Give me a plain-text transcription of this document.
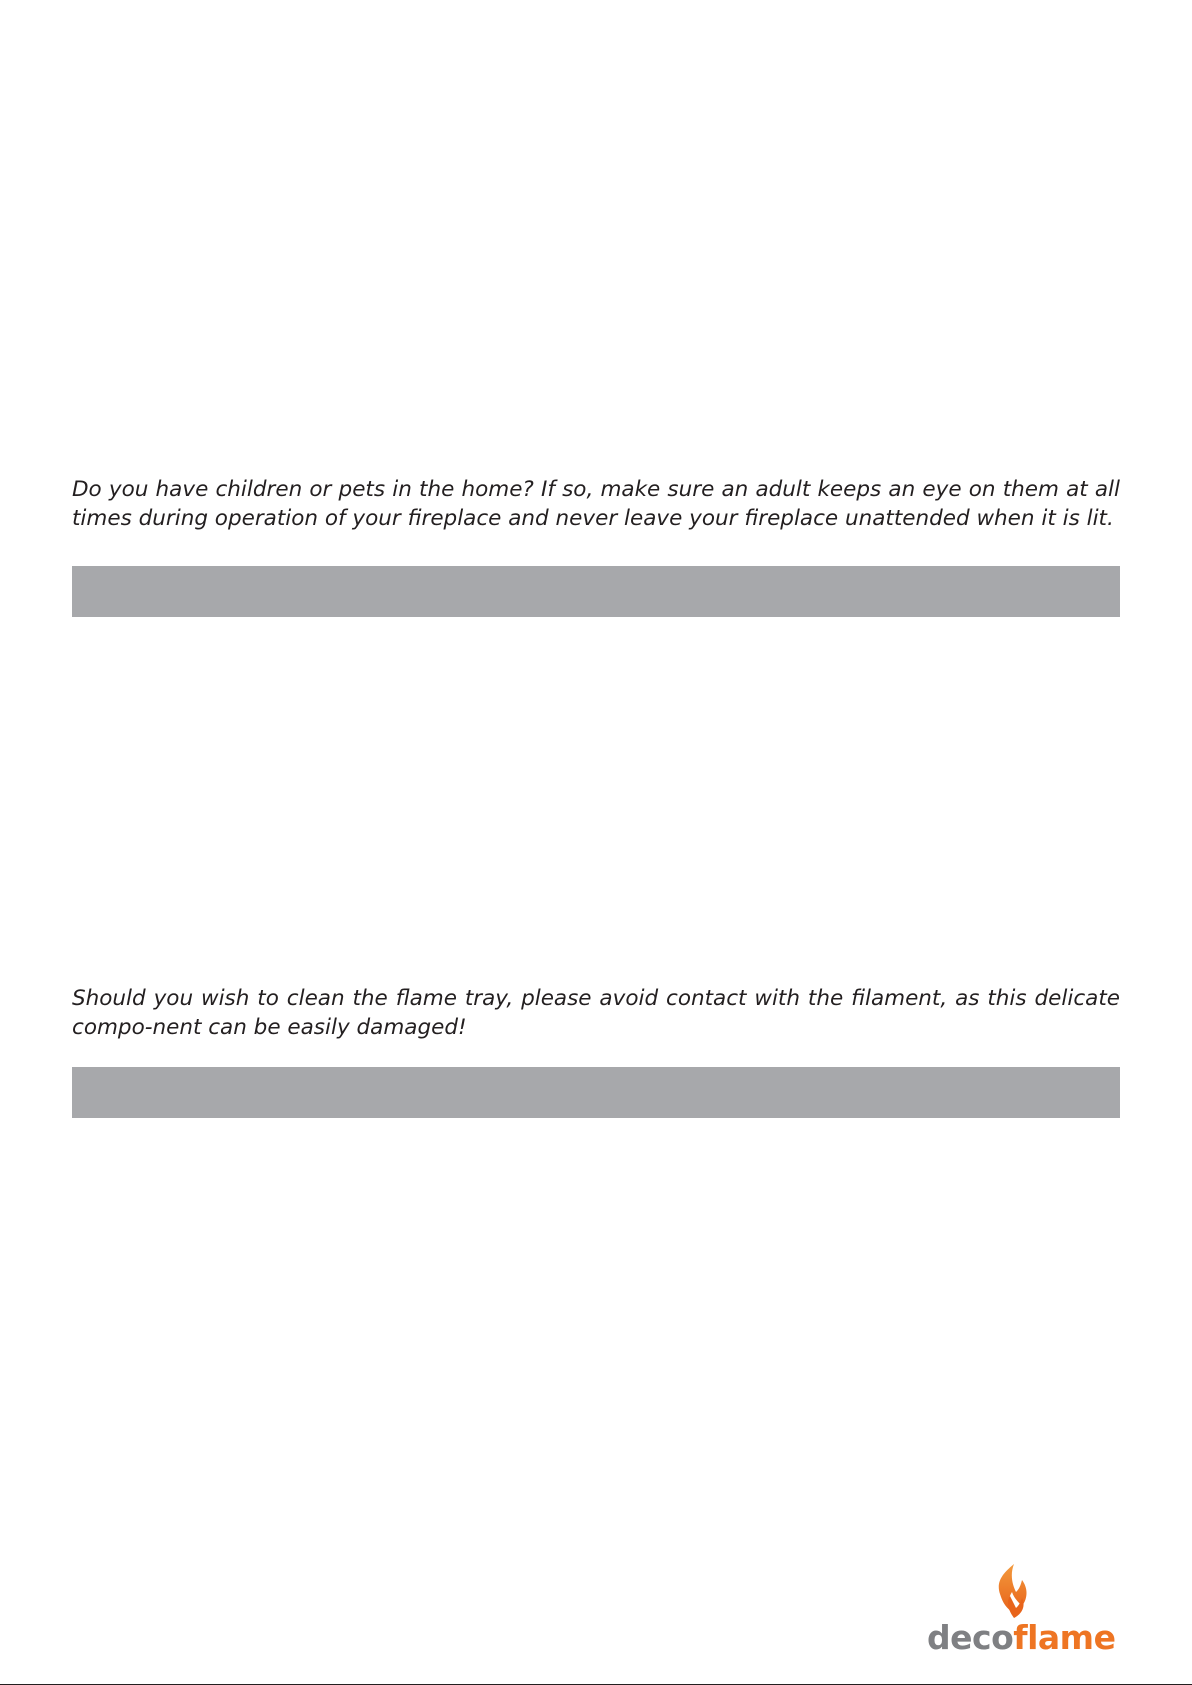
Do you have children or pets in the home? If so, make sure an adult keeps an eye on them at all times during operation of your fireplace and never leave your fireplace unattended when it is lit.

Should you wish to clean the flame tray, please avoid contact with the filament, as this delicate compo-nent can be easily damaged!

decoflame
